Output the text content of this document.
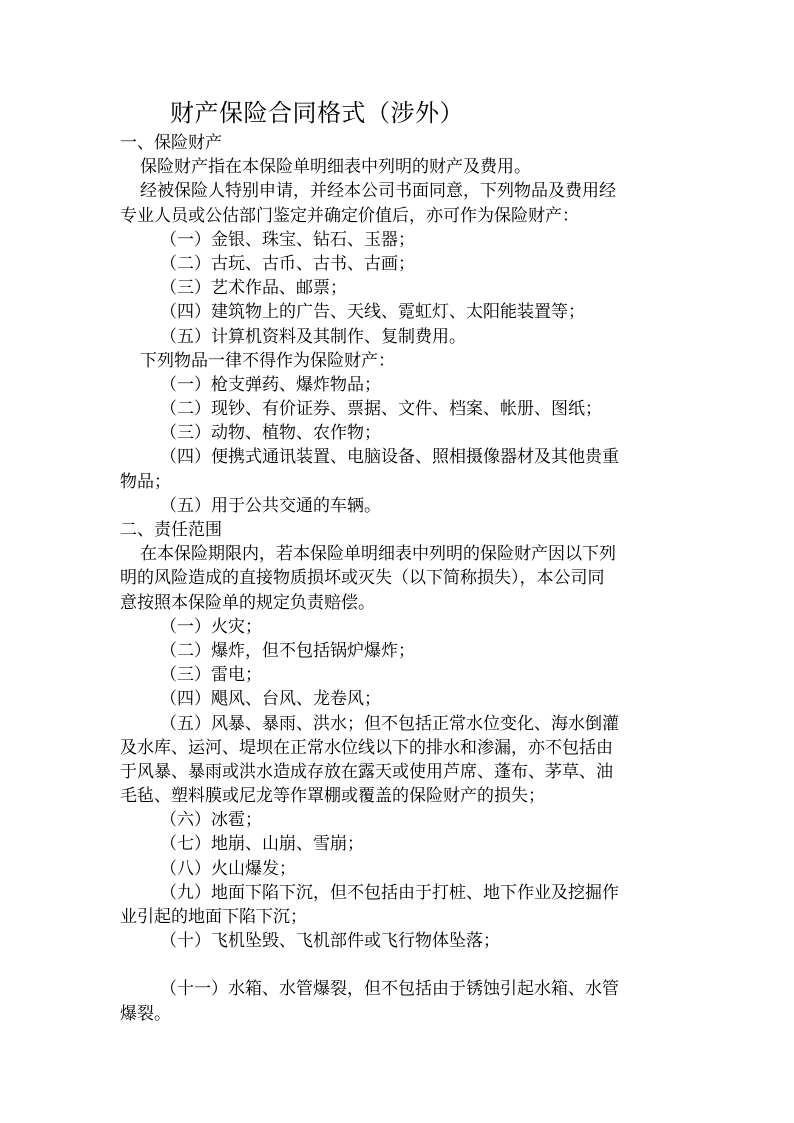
财产保险合同格式（涉外）
一、保险财产
保险财产指在本保险单明细表中列明的财产及费用。
经被保险人特别申请，并经本公司书面同意，下列物品及费用经
专业人员或公估部门鉴定并确定价值后，亦可作为保险财产：
（一）金银、珠宝、钻石、玉器；
（二）古玩、古币、古书、古画；
（三）艺术作品、邮票；
（四）建筑物上的广告、天线、霓虹灯、太阳能装置等；
（五）计算机资料及其制作、复制费用。
下列物品一律不得作为保险财产：
（一）枪支弹药、爆炸物品；
（二）现钞、有价证券、票据、文件、档案、帐册、图纸；
（三）动物、植物、农作物；
（四）便携式通讯装置、电脑设备、照相摄像器材及其他贵重
物品；
（五）用于公共交通的车辆。
二、责任范围
在本保险期限内，若本保险单明细表中列明的保险财产因以下列
明的风险造成的直接物质损坏或灭失（以下简称损失），本公司同
意按照本保险单的规定负责赔偿。
（一）火灾；
（二）爆炸，但不包括锅炉爆炸；
（三）雷电；
（四）飓风、台风、龙卷风；
（五）风暴、暴雨、洪水；但不包括正常水位变化、海水倒灌
及水库、运河、堤坝在正常水位线以下的排水和渗漏，亦不包括由
于风暴、暴雨或洪水造成存放在露天或使用芦席、蓬布、茅草、油
毛毡、塑料膜或尼龙等作罩棚或覆盖的保险财产的损失；
（六）冰雹；
（七）地崩、山崩、雪崩；
（八）火山爆发；
（九）地面下陷下沉，但不包括由于打桩、地下作业及挖掘作
业引起的地面下陷下沉；
（十）飞机坠毁、飞机部件或飞行物体坠落；
（十一）水箱、水管爆裂，但不包括由于锈蚀引起水箱、水管
爆裂。
